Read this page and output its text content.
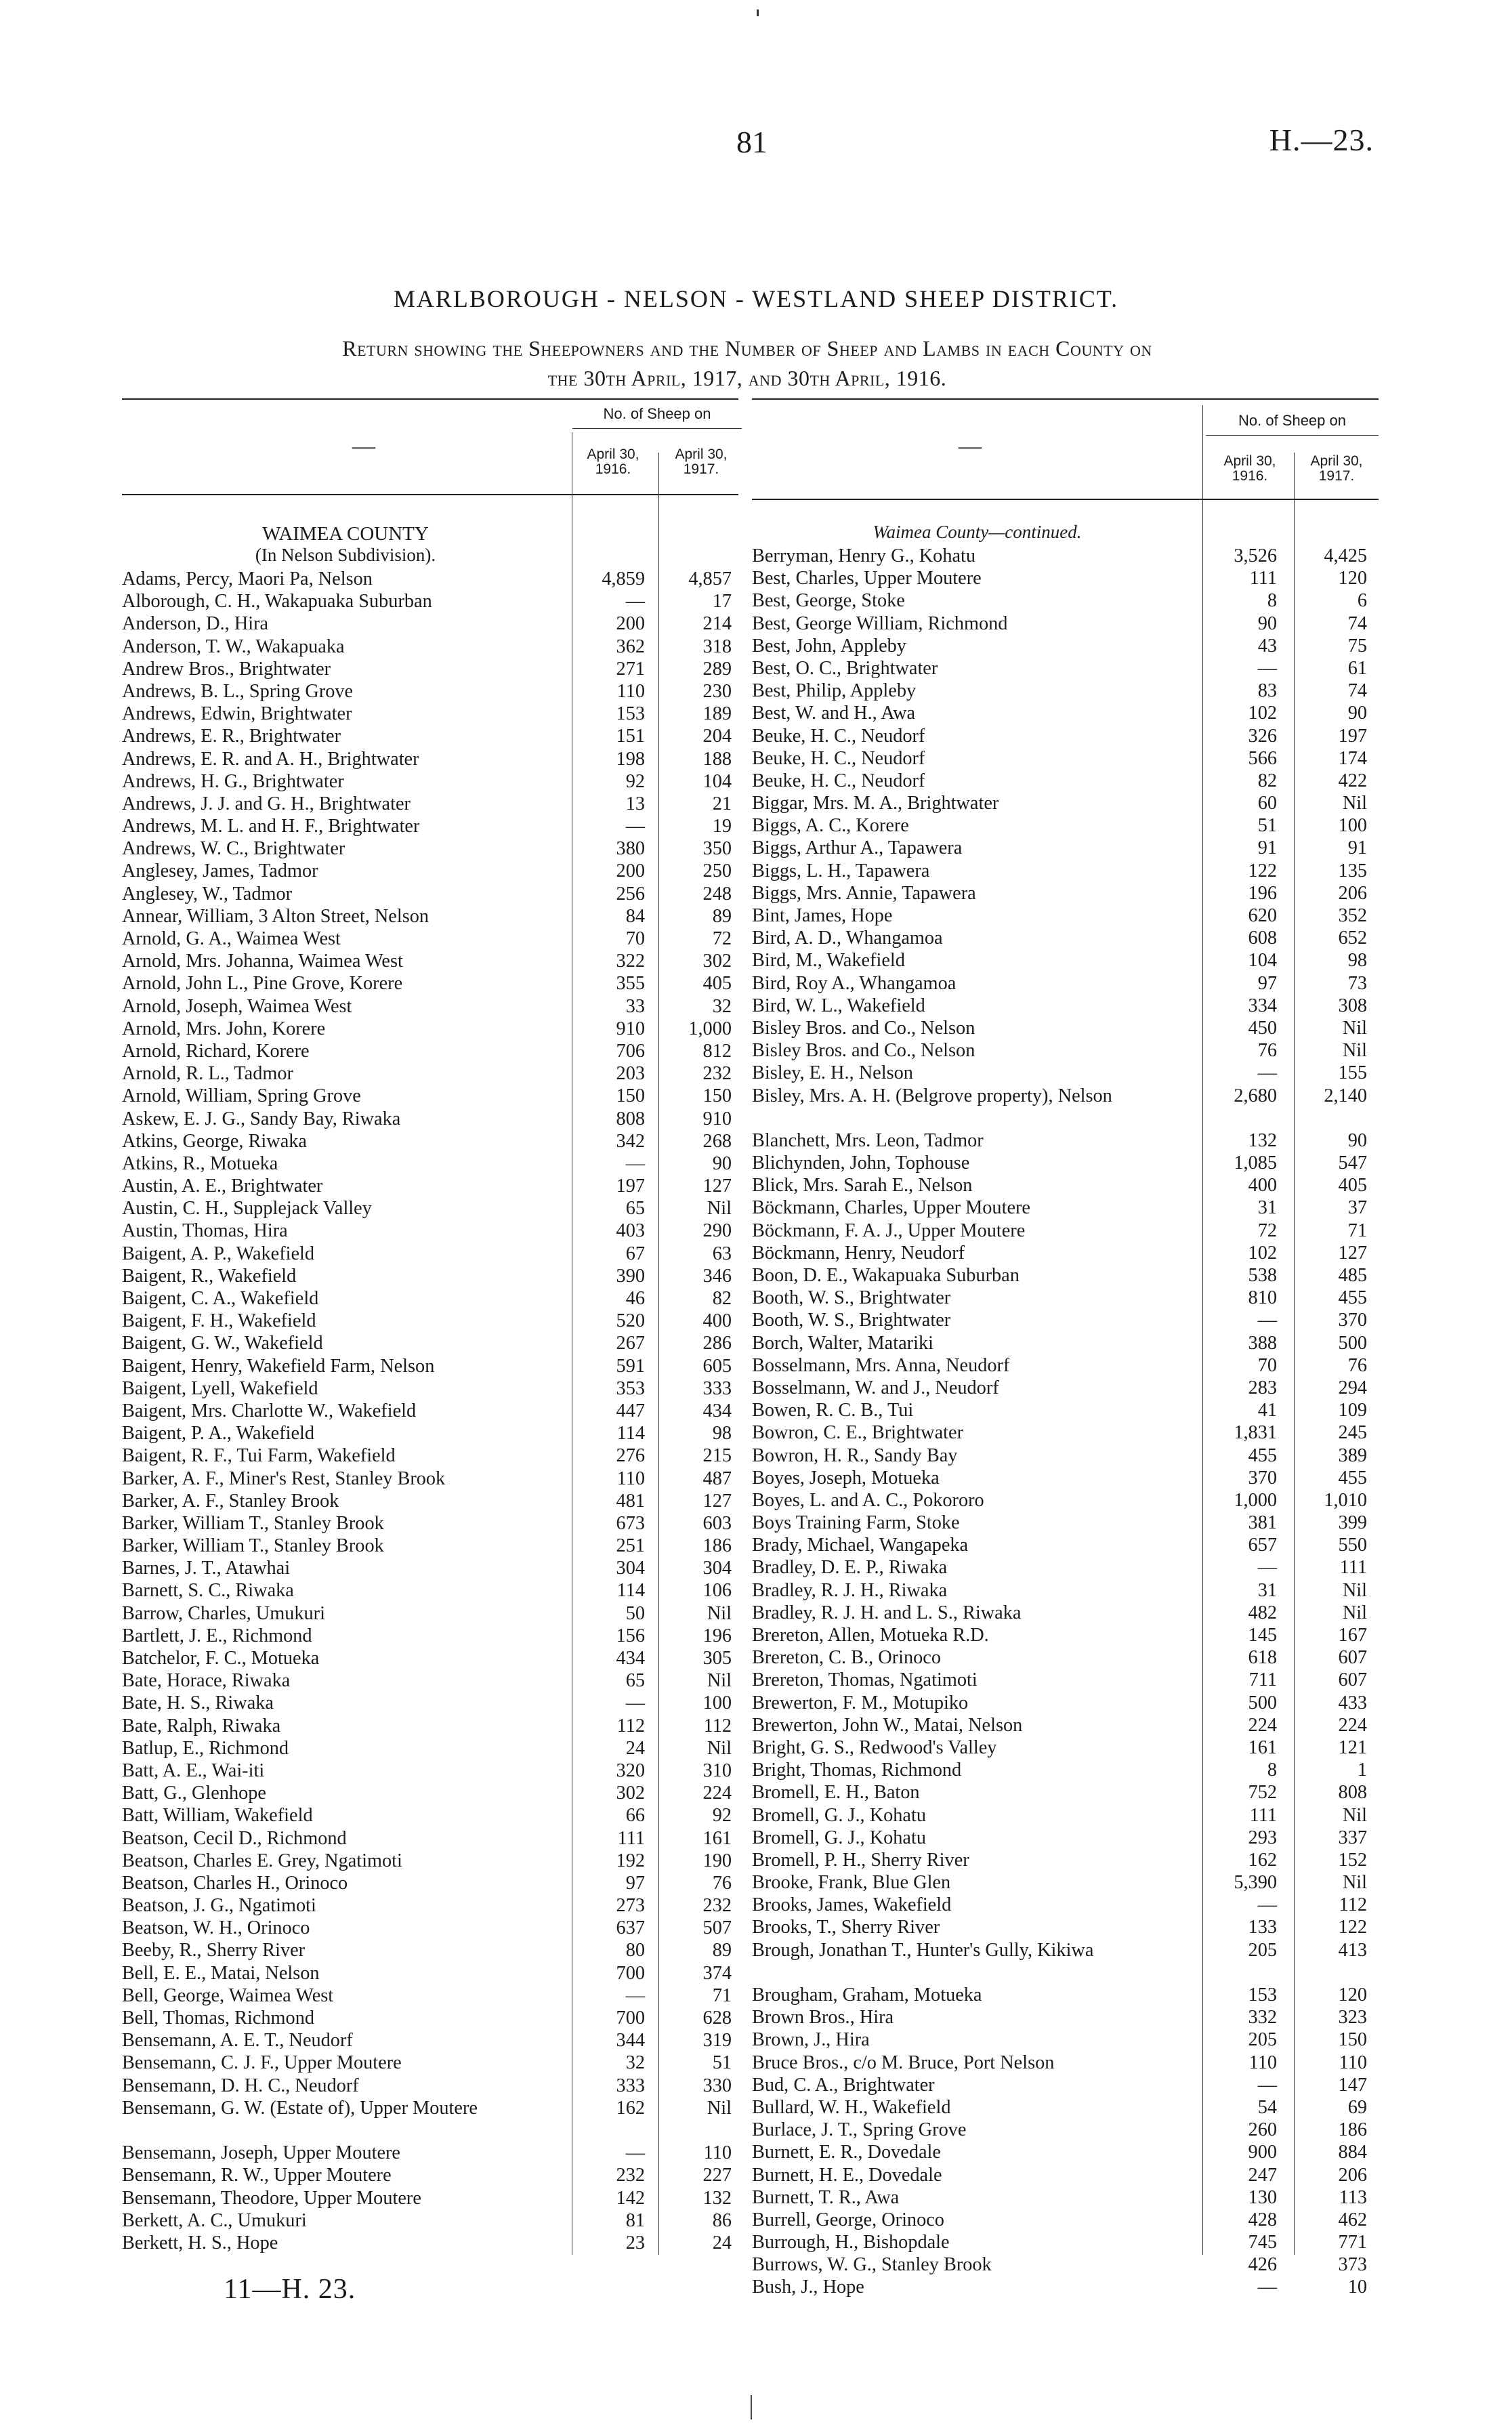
81	H.—23.
MARLBOROUGH - NELSON - WESTLAND SHEEP DISTRICT.
Return showing the Sheepowners and the Number of Sheep and Lambs in each County on
the 30th April, 1917, and 30th April, 1916.
—
No. of Sheep on
April 30, 1916.
April 30, 1917.
WAIMEA COUNTY
(In Nelson Subdivision).
Adams, Percy, Maori Pa, Nelson	4,859	4,857
Alborough, C. H., Wakapuaka Suburban	—	17
Anderson, D., Hira	200	214
Anderson, T. W., Wakapuaka	362	318
Andrew Bros., Brightwater	271	289
Andrews, B. L., Spring Grove	110	230
Andrews, Edwin, Brightwater	153	189
Andrews, E. R., Brightwater	151	204
Andrews, E. R. and A. H., Brightwater	198	188
Andrews, H. G., Brightwater	92	104
Andrews, J. J. and G. H., Brightwater	13	21
Andrews, M. L. and H. F., Brightwater	—	19
Andrews, W. C., Brightwater	380	350
Anglesey, James, Tadmor	200	250
Anglesey, W., Tadmor	256	248
Annear, William, 3 Alton Street, Nelson	84	89
Arnold, G. A., Waimea West	70	72
Arnold, Mrs. Johanna, Waimea West	322	302
Arnold, John L., Pine Grove, Korere	355	405
Arnold, Joseph, Waimea West	33	32
Arnold, Mrs. John, Korere	910	1,000
Arnold, Richard, Korere	706	812
Arnold, R. L., Tadmor	203	232
Arnold, William, Spring Grove	150	150
Askew, E. J. G., Sandy Bay, Riwaka	808	910
Atkins, George, Riwaka	342	268
Atkins, R., Motueka	—	90
Austin, A. E., Brightwater	197	127
Austin, C. H., Supplejack Valley	65	Nil
Austin, Thomas, Hira	403	290
Baigent, A. P., Wakefield	67	63
Baigent, R., Wakefield	390	346
Baigent, C. A., Wakefield	46	82
Baigent, F. H., Wakefield	520	400
Baigent, G. W., Wakefield	267	286
Baigent, Henry, Wakefield Farm, Nelson	591	605
Baigent, Lyell, Wakefield	353	333
Baigent, Mrs. Charlotte W., Wakefield	447	434
Baigent, P. A., Wakefield	114	98
Baigent, R. F., Tui Farm, Wakefield	276	215
Barker, A. F., Miner's Rest, Stanley Brook	110	487
Barker, A. F., Stanley Brook	481	127
Barker, William T., Stanley Brook	673	603
Barker, William T., Stanley Brook	251	186
Barnes, J. T., Atawhai	304	304
Barnett, S. C., Riwaka	114	106
Barrow, Charles, Umukuri	50	Nil
Bartlett, J. E., Richmond	156	196
Batchelor, F. C., Motueka	434	305
Bate, Horace, Riwaka	65	Nil
Bate, H. S., Riwaka	—	100
Bate, Ralph, Riwaka	112	112
Batlup, E., Richmond	24	Nil
Batt, A. E., Wai-iti	320	310
Batt, G., Glenhope	302	224
Batt, William, Wakefield	66	92
Beatson, Cecil D., Richmond	111	161
Beatson, Charles E. Grey, Ngatimoti	192	190
Beatson, Charles H., Orinoco	97	76
Beatson, J. G., Ngatimoti	273	232
Beatson, W. H., Orinoco	637	507
Beeby, R., Sherry River	80	89
Bell, E. E., Matai, Nelson	700	374
Bell, George, Waimea West	—	71
Bell, Thomas, Richmond	700	628
Bensemann, A. E. T., Neudorf	344	319
Bensemann, C. J. F., Upper Moutere	32	51
Bensemann, D. H. C., Neudorf	333	330
Bensemann, G. W. (Estate of), Upper Moutere	162	Nil
Bensemann, Joseph, Upper Moutere	—	110
Bensemann, R. W., Upper Moutere	232	227
Bensemann, Theodore, Upper Moutere	142	132
Berkett, A. C., Umukuri	81	86
Berkett, H. S., Hope	23	24
—
No. of Sheep on
April 30, 1916.
April 30, 1917.
Waimea County—continued.
Berryman, Henry G., Kohatu	3,526	4,425
Best, Charles, Upper Moutere	111	120
Best, George, Stoke	8	6
Best, George William, Richmond	90	74
Best, John, Appleby	43	75
Best, O. C., Brightwater	—	61
Best, Philip, Appleby	83	74
Best, W. and H., Awa	102	90
Beuke, H. C., Neudorf	326	197
Beuke, H. C., Neudorf	566	174
Beuke, H. C., Neudorf	82	422
Biggar, Mrs. M. A., Brightwater	60	Nil
Biggs, A. C., Korere	51	100
Biggs, Arthur A., Tapawera	91	91
Biggs, L. H., Tapawera	122	135
Biggs, Mrs. Annie, Tapawera	196	206
Bint, James, Hope	620	352
Bird, A. D., Whangamoa	608	652
Bird, M., Wakefield	104	98
Bird, Roy A., Whangamoa	97	73
Bird, W. L., Wakefield	334	308
Bisley Bros. and Co., Nelson	450	Nil
Bisley Bros. and Co., Nelson	76	Nil
Bisley, E. H., Nelson	—	155
Bisley, Mrs. A. H. (Belgrove property), Nelson	2,680	2,140
Blanchett, Mrs. Leon, Tadmor	132	90
Blichynden, John, Tophouse	1,085	547
Blick, Mrs. Sarah E., Nelson	400	405
Böckmann, Charles, Upper Moutere	31	37
Böckmann, F. A. J., Upper Moutere	72	71
Böckmann, Henry, Neudorf	102	127
Boon, D. E., Wakapuaka Suburban	538	485
Booth, W. S., Brightwater	810	455
Booth, W. S., Brightwater	—	370
Borch, Walter, Matariki	388	500
Bosselmann, Mrs. Anna, Neudorf	70	76
Bosselmann, W. and J., Neudorf	283	294
Bowen, R. C. B., Tui	41	109
Bowron, C. E., Brightwater	1,831	245
Bowron, H. R., Sandy Bay	455	389
Boyes, Joseph, Motueka	370	455
Boyes, L. and A. C., Pokororo	1,000	1,010
Boys Training Farm, Stoke	381	399
Brady, Michael, Wangapeka	657	550
Bradley, D. E. P., Riwaka	—	111
Bradley, R. J. H., Riwaka	31	Nil
Bradley, R. J. H. and L. S., Riwaka	482	Nil
Brereton, Allen, Motueka R.D.	145	167
Brereton, C. B., Orinoco	618	607
Brereton, Thomas, Ngatimoti	711	607
Brewerton, F. M., Motupiko	500	433
Brewerton, John W., Matai, Nelson	224	224
Bright, G. S., Redwood's Valley	161	121
Bright, Thomas, Richmond	8	1
Bromell, E. H., Baton	752	808
Bromell, G. J., Kohatu	111	Nil
Bromell, G. J., Kohatu	293	337
Bromell, P. H., Sherry River	162	152
Brooke, Frank, Blue Glen	5,390	Nil
Brooks, James, Wakefield	—	112
Brooks, T., Sherry River	133	122
Brough, Jonathan T., Hunter's Gully, Kikiwa	205	413
Brougham, Graham, Motueka	153	120
Brown Bros., Hira	332	323
Brown, J., Hira	205	150
Bruce Bros., c/o M. Bruce, Port Nelson	110	110
Bud, C. A., Brightwater	—	147
Bullard, W. H., Wakefield	54	69
Burlace, J. T., Spring Grove	260	186
Burnett, E. R., Dovedale	900	884
Burnett, H. E., Dovedale	247	206
Burnett, T. R., Awa	130	113
Burrell, George, Orinoco	428	462
Burrough, H., Bishopdale	745	771
Burrows, W. G., Stanley Brook	426	373
Bush, J., Hope	—	10
11—H. 23.
